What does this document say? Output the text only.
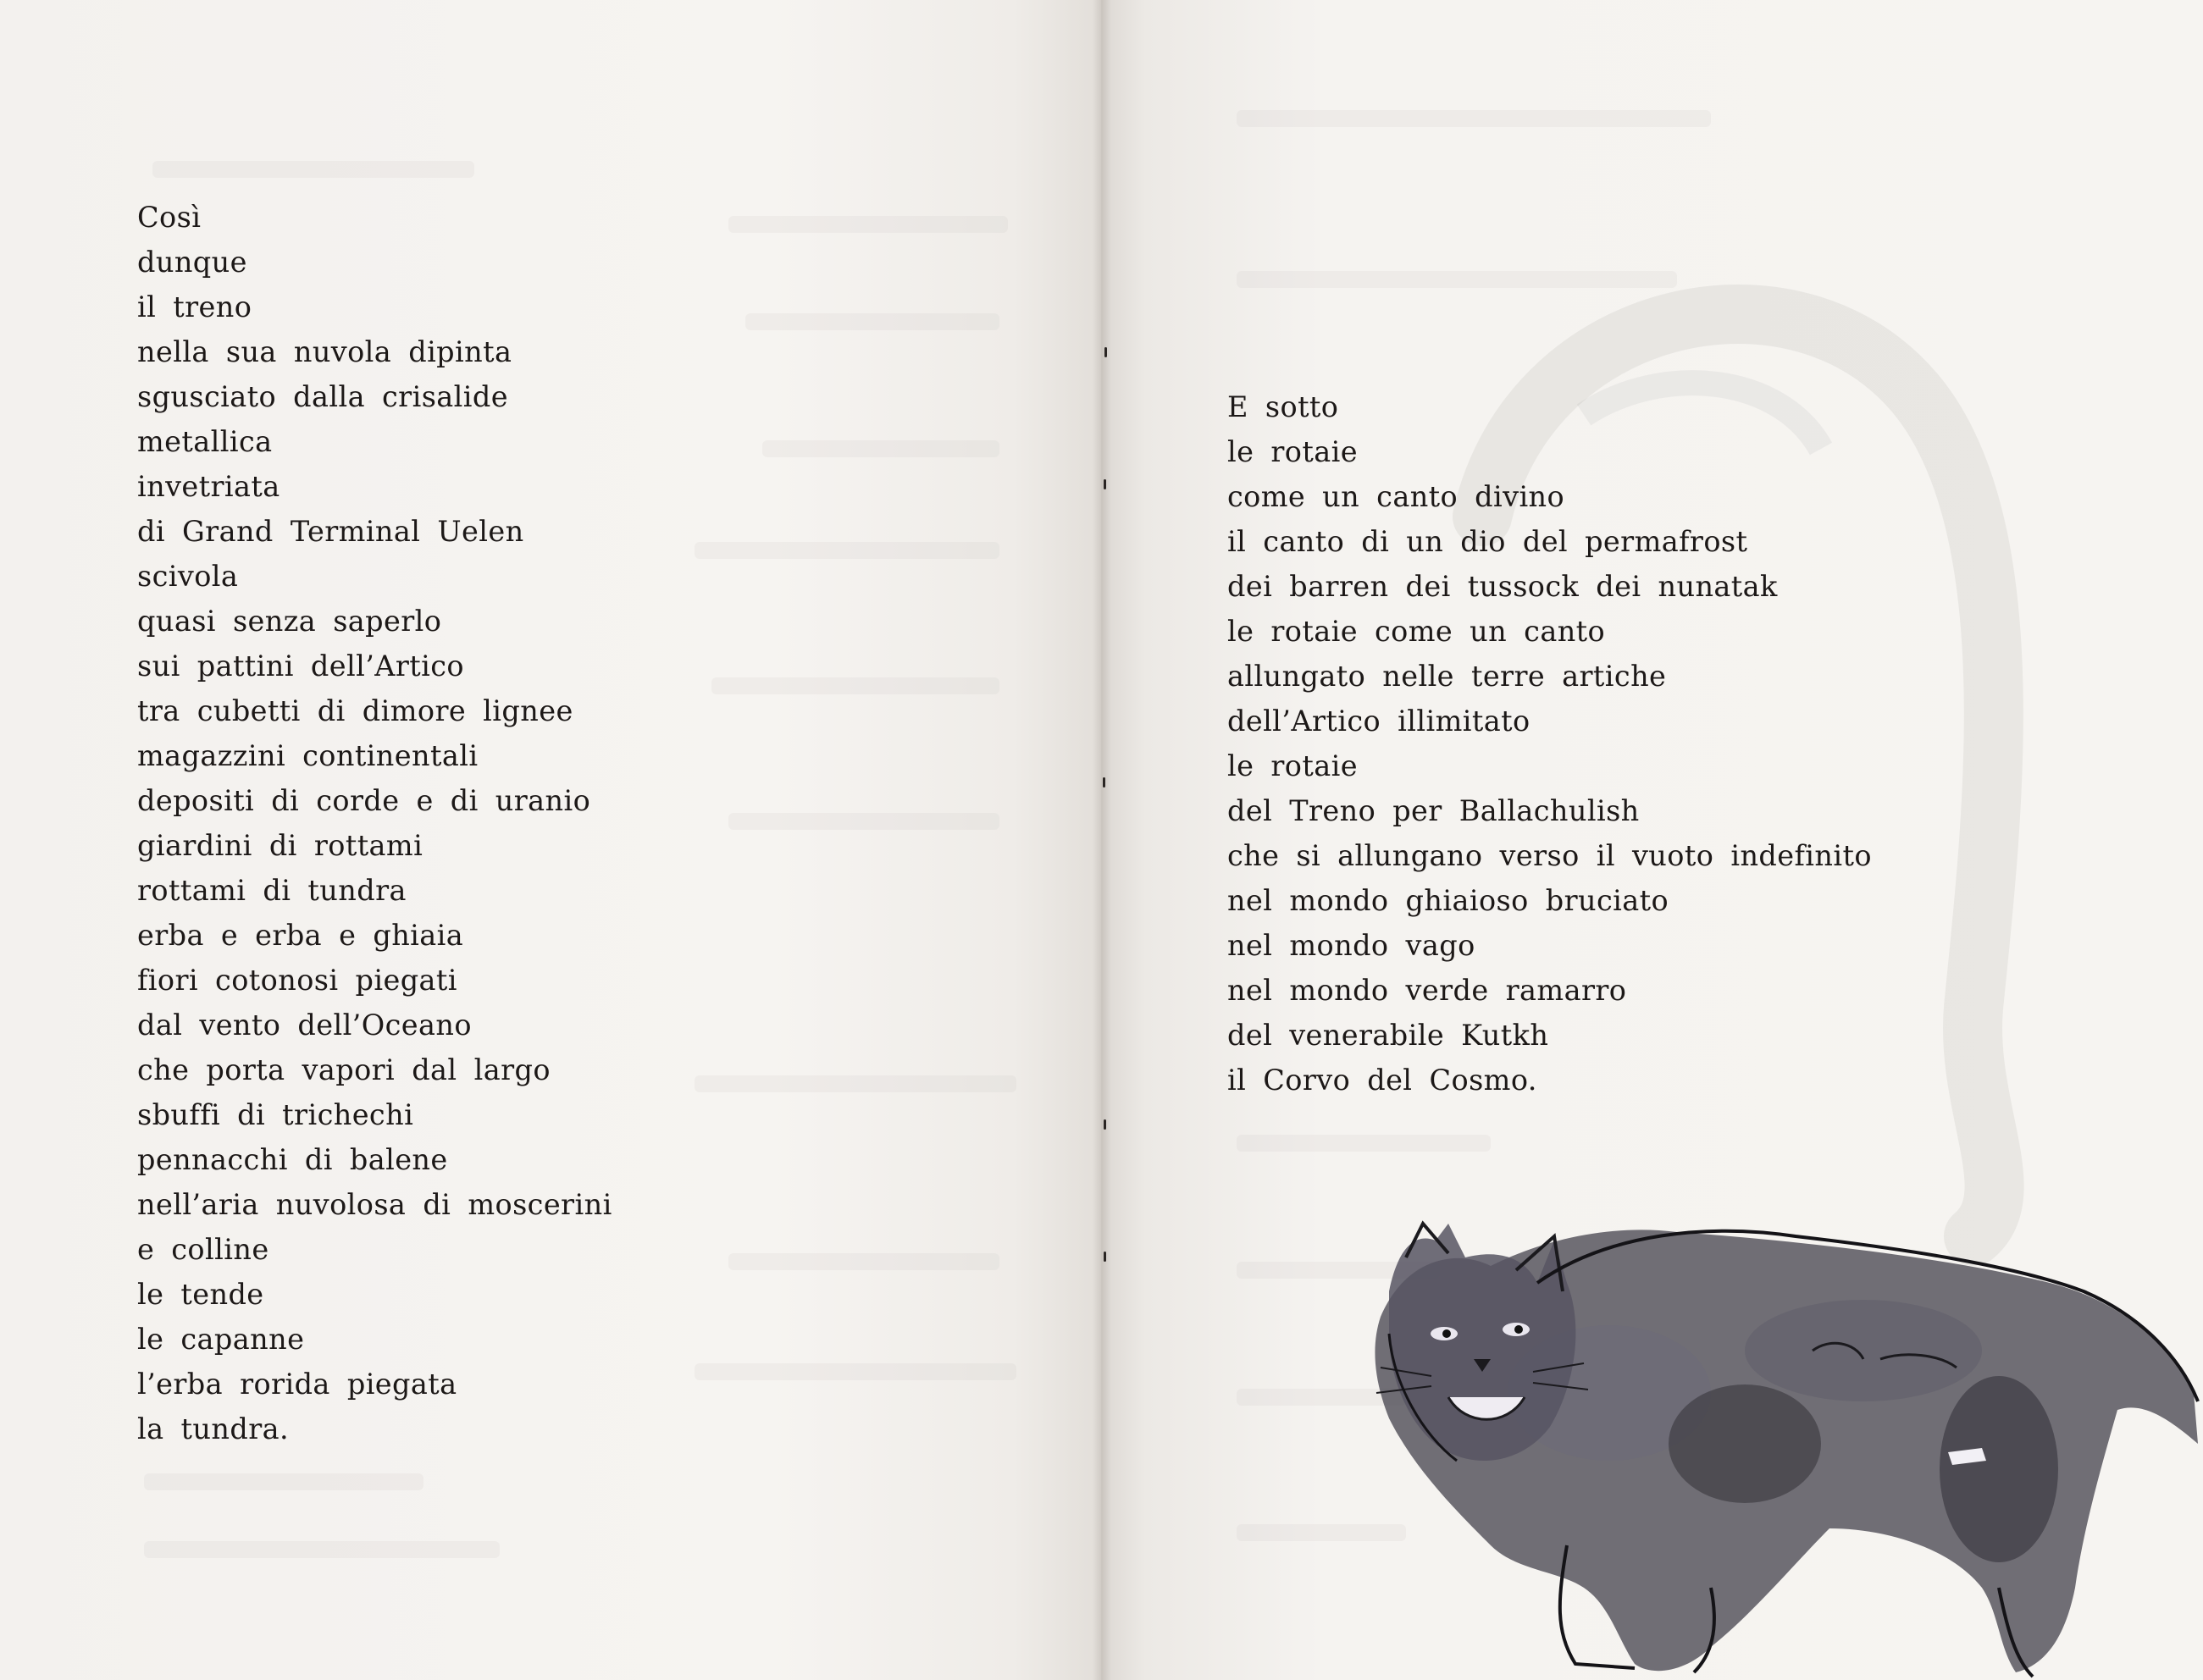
Così
dunque
il treno
nella sua nuvola dipinta
sgusciato dalla crisalide
metallica
invetriata
di Grand Terminal Uelen
scivola
quasi senza saperlo
sui pattini dell’Artico
tra cubetti di dimore lignee
magazzini continentali
depositi di corde e di uranio
giardini di rottami
rottami di tundra
erba e erba e ghiaia
fiori cotonosi piegati
dal vento dell’Oceano
che porta vapori dal largo
sbuffi di trichechi
pennacchi di balene
nell’aria nuvolosa di moscerini
e colline
le tende
le capanne
l’erba rorida piegata
la tundra.
E sotto
le rotaie
come un canto divino
il canto di un dio del permafrost
dei barren dei tussock dei nunatak
le rotaie come un canto
allungato nelle terre artiche
dell’Artico illimitato
le rotaie
del Treno per Ballachulish
che si allungano verso il vuoto indefinito
nel mondo ghiaioso bruciato
nel mondo vago
nel mondo verde ramarro
del venerabile Kutkh
il Corvo del Cosmo.
